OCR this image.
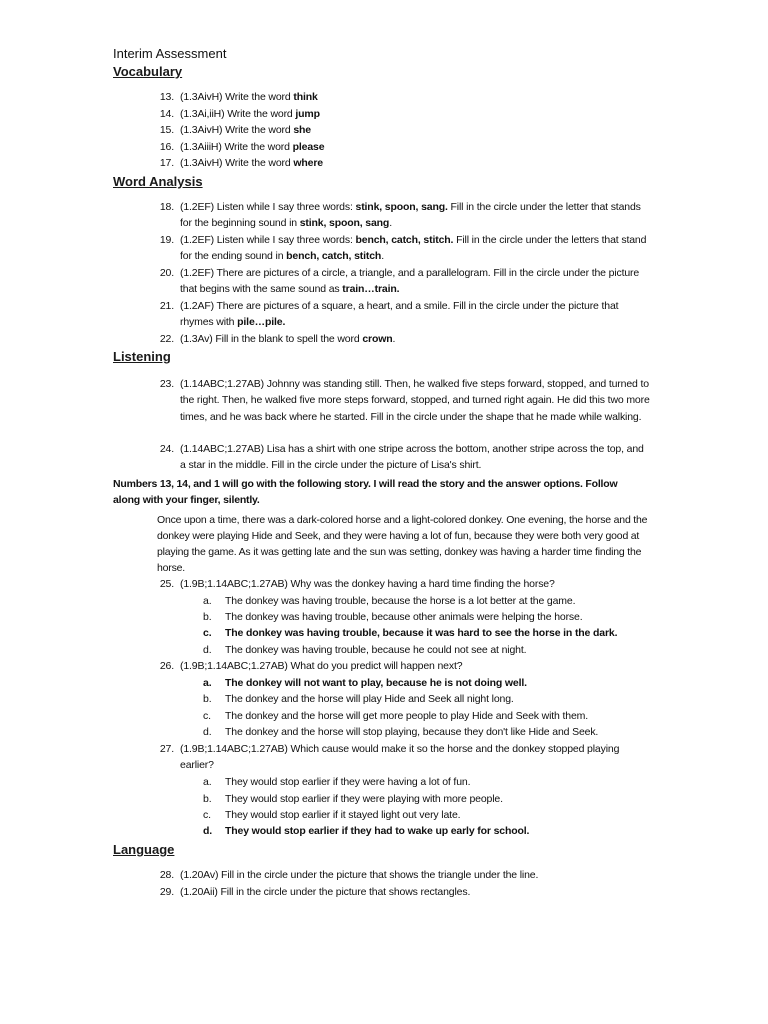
Interim Assessment
Vocabulary
13. (1.3AivH) Write the word think
14. (1.3Ai,iiH) Write the word jump
15. (1.3AivH) Write the word she
16. (1.3AiiiH) Write the word please
17. (1.3AivH) Write the word where
Word Analysis
18. (1.2EF) Listen while I say three words: stink, spoon, sang. Fill in the circle under the letter that stands for the beginning sound in stink, spoon, sang.
19. (1.2EF) Listen while I say three words: bench, catch, stitch. Fill in the circle under the letters that stand for the ending sound in bench, catch, stitch.
20. (1.2EF) There are pictures of a circle, a triangle, and a parallelogram. Fill in the circle under the picture that begins with the same sound as train…train.
21. (1.2AF) There are pictures of a square, a heart, and a smile. Fill in the circle under the picture that rhymes with pile…pile.
22. (1.3Av) Fill in the blank to spell the word crown.
Listening
23. (1.14ABC;1.27AB) Johnny was standing still. Then, he walked five steps forward, stopped, and turned to the right. Then, he walked five more steps forward, stopped, and turned right again. He did this two more times, and he was back where he started. Fill in the circle under the shape that he made while walking.
24. (1.14ABC;1.27AB) Lisa has a shirt with one stripe across the bottom, another stripe across the top, and a star in the middle. Fill in the circle under the picture of Lisa's shirt.
Numbers 13, 14, and 1 will go with the following story. I will read the story and the answer options. Follow along with your finger, silently.
Once upon a time, there was a dark-colored horse and a light-colored donkey. One evening, the horse and the donkey were playing Hide and Seek, and they were having a lot of fun, because they were both very good at playing the game. As it was getting late and the sun was setting, donkey was having a harder time finding the horse.
25. (1.9B;1.14ABC;1.27AB) Why was the donkey having a hard time finding the horse?
a. The donkey was having trouble, because the horse is a lot better at the game.
b. The donkey was having trouble, because other animals were helping the horse.
c. The donkey was having trouble, because it was hard to see the horse in the dark.
d. The donkey was having trouble, because he could not see at night.
26. (1.9B;1.14ABC;1.27AB) What do you predict will happen next?
a. The donkey will not want to play, because he is not doing well.
b. The donkey and the horse will play Hide and Seek all night long.
c. The donkey and the horse will get more people to play Hide and Seek with them.
d. The donkey and the horse will stop playing, because they don't like Hide and Seek.
27. (1.9B;1.14ABC;1.27AB) Which cause would make it so the horse and the donkey stopped playing earlier?
a. They would stop earlier if they were having a lot of fun.
b. They would stop earlier if they were playing with more people.
c. They would stop earlier if it stayed light out very late.
d. They would stop earlier if they had to wake up early for school.
Language
28. (1.20Av) Fill in the circle under the picture that shows the triangle under the line.
29. (1.20Aii) Fill in the circle under the picture that shows rectangles.
